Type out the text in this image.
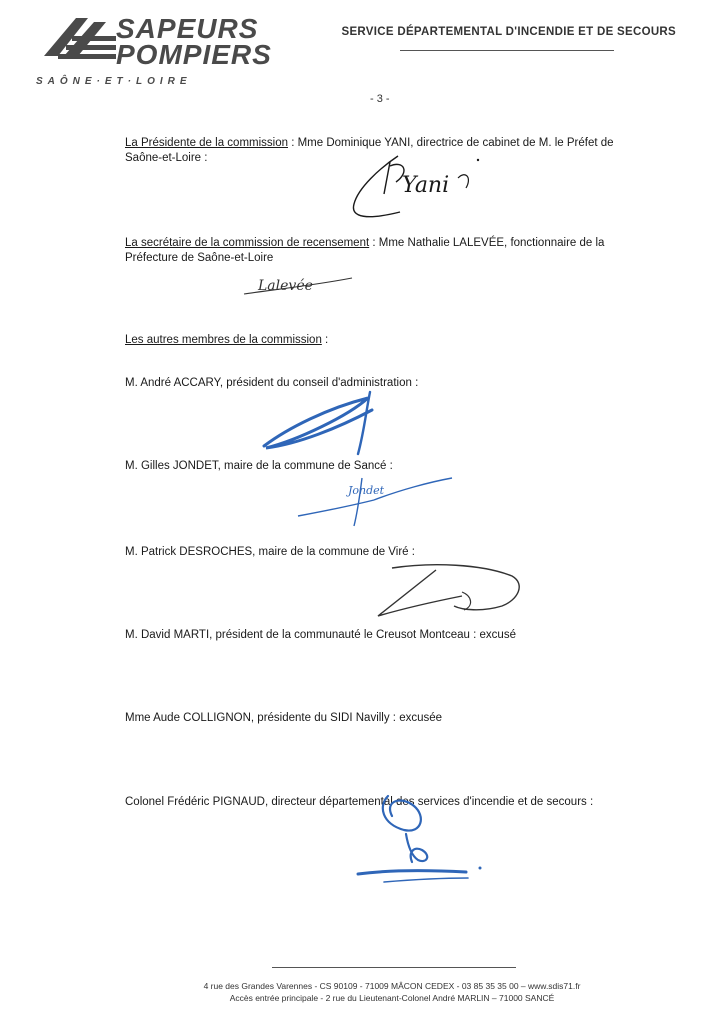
SAPEURS
POMPIERS
SAÔNE·ET·LOIRE
SERVICE DÉPARTEMENTAL D'INCENDIE ET DE SECOURS
- 3 -
La Présidente de la commission : Mme Dominique YANI, directrice de cabinet de M. le Préfet de
Saône-et-Loire :
Yani
La secrétaire de la commission de recensement : Mme Nathalie LALEVÉE, fonctionnaire de la
Préfecture de Saône-et-Loire
Lalevée
Les autres membres de la commission :
M. André ACCARY, président du conseil d'administration :
M. Gilles JONDET, maire de la commune de Sancé :
Jondet
M. Patrick DESROCHES, maire de la commune de Viré :
M. David MARTI, président de la communauté le Creusot Montceau : excusé
Mme Aude COLLIGNON, présidente du SIDI Navilly : excusée
Colonel Frédéric PIGNAUD, directeur départemental des services d'incendie et de secours :
4 rue des Grandes Varennes - CS 90109 - 71009 MÂCON CEDEX - 03 85 35 35 00 – www.sdis71.fr
Accès entrée principale - 2 rue du Lieutenant-Colonel André MARLIN – 71000 SANCÉ
